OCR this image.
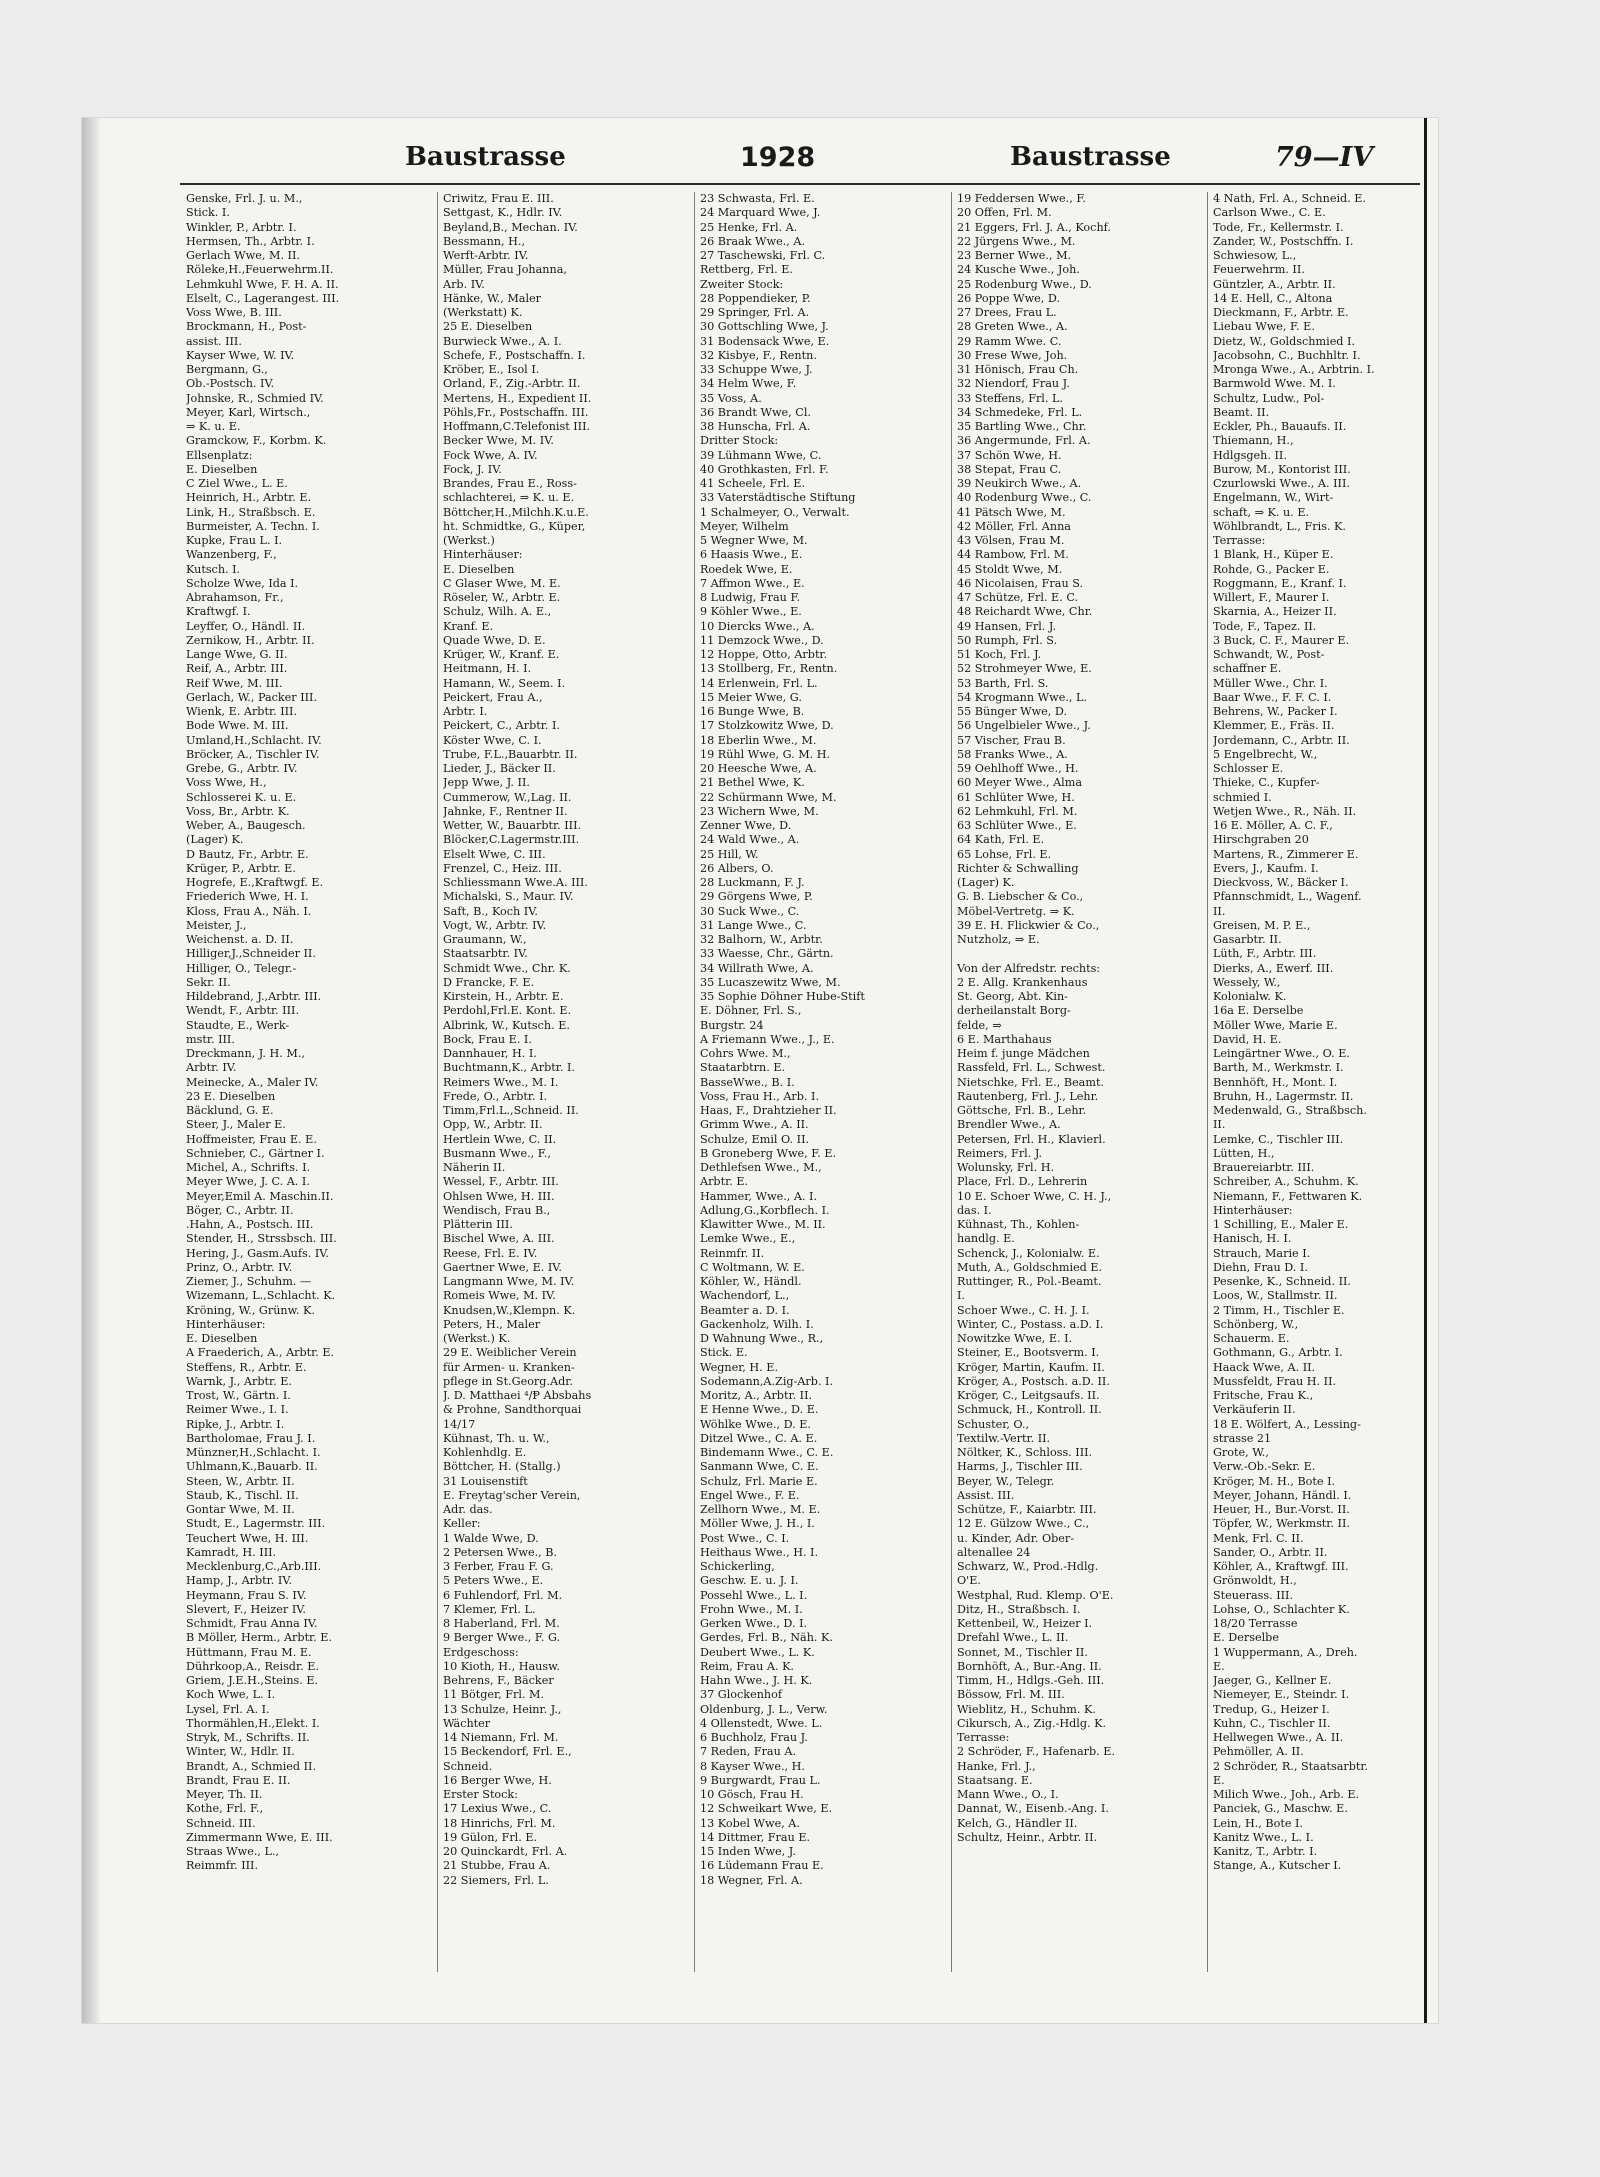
Baustrasse	1928	Baustrasse	79—IV
Genske, Frl. J. u. M.,
Stick. I.
Winkler, P., Arbtr. I.
Hermsen, Th., Arbtr. I.
Gerlach Wwe, M. II.
Röleke,H.,Feuerwehrm.II.
Lehmkuhl Wwe, F. H. A. II.
Elselt, C., Lagerangest. III.
Voss Wwe, B. III.
Brockmann, H., Post-
assist. III.
Kayser Wwe, W. IV.
Bergmann, G.,
Ob.-Postsch. IV.
Johnske, R., Schmied IV.
Meyer, Karl, Wirtsch.,
⇒ K. u. E.
Gramckow, F., Korbm. K.
Ellsenplatz:
E. Dieselben
C Ziel Wwe., L. E.
Heinrich, H., Arbtr. E.
Link, H., Straßbsch. E.
Burmeister, A. Techn. I.
Kupke, Frau L. I.
Wanzenberg, F.,
Kutsch. I.
Scholze Wwe, Ida I.
Abrahamson, Fr.,
Kraftwgf. I.
Leyffer, O., Händl. II.
Zernikow, H., Arbtr. II.
Lange Wwe, G. II.
Reif, A., Arbtr. III.
Reif Wwe, M. III.
Gerlach, W., Packer III.
Wienk, E. Arbtr. III.
Bode Wwe. M. III.
Umland,H.,Schlacht. IV.
Bröcker, A., Tischler IV.
Grebe, G., Arbtr. IV.
Voss Wwe, H.,
Schlosserei K. u. E.
Voss, Br., Arbtr. K.
Weber, A., Baugesch.
(Lager) K.
D Bautz, Fr., Arbtr. E.
Krüger, P., Arbtr. E.
Hogrefe, E.,Kraftwgf. E.
Friederich Wwe, H. I.
Kloss, Frau A., Näh. I.
Meister, J.,
Weichenst. a. D. II.
Hilliger,J.,Schneider II.
Hilliger, O., Telegr.-
Sekr. II.
Hildebrand, J.,Arbtr. III.
Wendt, F., Arbtr. III.
Staudte, E., Werk-
mstr. III.
Dreckmann, J. H. M.,
Arbtr. IV.
Meinecke, A., Maler IV.
23 E. Dieselben
Bäcklund, G. E.
Steer, J., Maler E.
Hoffmeister, Frau E. E.
Schnieber, C., Gärtner I.
Michel, A., Schrifts. I.
Meyer Wwe, J. C. A. I.
Meyer,Emil A. Maschin.II.
Böger, C., Arbtr. II.
.Hahn, A., Postsch. III.
Stender, H., Strssbsch. III.
Hering, J., Gasm.Aufs. IV.
Prinz, O., Arbtr. IV.
Ziemer, J., Schuhm. —
Wizemann, L.,Schlacht. K.
Kröning, W., Grünw. K.
Hinterhäuser:
E. Dieselben
A Fraederich, A., Arbtr. E.
Steffens, R., Arbtr. E.
Warnk, J., Arbtr. E.
Trost, W., Gärtn. I.
Reimer Wwe., I. I.
Ripke, J., Arbtr. I.
Bartholomae, Frau J. I.
Münzner,H.,Schlacht. I.
Uhlmann,K.,Bauarb. II.
Steen, W., Arbtr. II.
Staub, K., Tischl. II.
Gontar Wwe, M. II.
Studt, E., Lagermstr. III.
Teuchert Wwe, H. III.
Kamradt, H. III.
Mecklenburg,C.,Arb.III.
Hamp, J., Arbtr. IV.
Heymann, Frau S. IV.
Slevert, F., Heizer IV.
Schmidt, Frau Anna IV.
B Möller, Herm., Arbtr. E.
Hüttmann, Frau M. E.
Dührkoop,A., Reisdr. E.
Griem, J.E.H.,Steins. E.
Koch Wwe, L. I.
Lysel, Frl. A. I.
Thormählen,H.,Elekt. I.
Stryk, M., Schrifts. II.
Winter, W., Hdlr. II.
Brandt, A., Schmied II.
Brandt, Frau E. II.
Meyer, Th. II.
Kothe, Frl. F.,
Schneid. III.
Zimmermann Wwe, E. III.
Straas Wwe., L.,
Reimmfr. III.
Criwitz, Frau E. III.
Settgast, K., Hdlr. IV.
Beyland,B., Mechan. IV.
Bessmann, H.,
Werft-Arbtr. IV.
Müller, Frau Johanna,
Arb. IV.
Hänke, W., Maler
(Werkstatt) K.
25 E. Dieselben
Burwieck Wwe., A. I.
Schefe, F., Postschaffn. I.
Kröber, E., Isol I.
Orland, F., Zig.-Arbtr. II.
Mertens, H., Expedient II.
Pöhls,Fr., Postschaffn. III.
Hoffmann,C.Telefonist III.
Becker Wwe, M. IV.
Fock Wwe, A. IV.
Fock, J. IV.
Brandes, Frau E., Ross-
schlachterei, ⇒ K. u. E.
Böttcher,H.,Milchh.K.u.E.
ht. Schmidtke, G., Küper,
(Werkst.)
Hinterhäuser:
E. Dieselben
C Glaser Wwe, M. E.
Röseler, W., Arbtr. E.
Schulz, Wilh. A. E.,
Kranf. E.
Quade Wwe, D. E.
Krüger, W., Kranf. E.
Heitmann, H. I.
Hamann, W., Seem. I.
Peickert, Frau A.,
Arbtr. I.
Peickert, C., Arbtr. I.
Köster Wwe, C. I.
Trube, F.L.,Bauarbtr. II.
Lieder, J., Bäcker II.
Jepp Wwe, J. II.
Cummerow, W.,Lag. II.
Jahnke, F., Rentner II.
Wetter, W., Bauarbtr. III.
Blöcker,C.Lagermstr.III.
Elselt Wwe, C. III.
Frenzel, C., Heiz. III.
Schliessmann Wwe.A. III.
Michalski, S., Maur. IV.
Saft, B., Koch IV.
Vogt, W., Arbtr. IV.
Graumann, W.,
Staatsarbtr. IV.
Schmidt Wwe., Chr. K.
D Francke, F. E.
Kirstein, H., Arbtr. E.
Perdohl,Frl.E. Kont. E.
Albrink, W., Kutsch. E.
Bock, Frau E. I.
Dannhauer, H. I.
Buchtmann,K., Arbtr. I.
Reimers Wwe., M. I.
Frede, O., Arbtr. I.
Timm,Frl.L.,Schneid. II.
Opp, W., Arbtr. II.
Hertlein Wwe, C. II.
Busmann Wwe., F.,
Näherin II.
Wessel, F., Arbtr. III.
Ohlsen Wwe, H. III.
Wendisch, Frau B.,
Plätterin III.
Bischel Wwe, A. III.
Reese, Frl. E. IV.
Gaertner Wwe, E. IV.
Langmann Wwe, M. IV.
Romeis Wwe, M. IV.
Knudsen,W.,Klempn. K.
Peters, H., Maler
(Werkst.) K.
29 E. Weiblicher Verein
für Armen- u. Kranken-
pflege in St.Georg.Adr.
J. D. Matthaei ⁴/Ᵽ Absbahs
& Prohne, Sandthorquai
14/17
Kühnast, Th. u. W.,
Kohlenhdlg. E.
Böttcher, H. (Stallg.)
31 Louisenstift
E. Freytag'scher Verein,
Adr. das.
Keller:
1 Walde Wwe, D.
2 Petersen Wwe., B.
3 Ferber, Frau F. G.
5 Peters Wwe., E.
6 Fuhlendorf, Frl. M.
7 Klemer, Frl. L.
8 Haberland, Frl. M.
9 Berger Wwe., F. G.
Erdgeschoss:
10 Kioth, H., Hausw.
Behrens, F., Bäcker
11 Bötger, Frl. M.
13 Schulze, Heinr. J.,
Wächter
14 Niemann, Frl. M.
15 Beckendorf, Frl. E.,
Schneid.
16 Berger Wwe, H.
Erster Stock:
17 Lexius Wwe., C.
18 Hinrichs, Frl. M.
19 Gülon, Frl. E.
20 Quinckardt, Frl. A.
21 Stubbe, Frau A.
22 Siemers, Frl. L.
23 Schwasta, Frl. E.
24 Marquard Wwe, J.
25 Henke, Frl. A.
26 Braak Wwe., A.
27 Taschewski, Frl. C.
Rettberg, Frl. E.
Zweiter Stock:
28 Poppendieker, P.
29 Springer, Frl. A.
30 Gottschling Wwe, J.
31 Bodensack Wwe, E.
32 Kisbye, F., Rentn.
33 Schuppe Wwe, J.
34 Helm Wwe, F.
35 Voss, A.
36 Brandt Wwe, Cl.
38 Hunscha, Frl. A.
Dritter Stock:
39 Lühmann Wwe, C.
40 Grothkasten, Frl. F.
41 Scheele, Frl. E.
33 Vaterstädtische Stiftung
1 Schalmeyer, O., Verwalt.
Meyer, Wilhelm
5 Wegner Wwe, M.
6 Haasis Wwe., E.
Roedek Wwe, E.
7 Affmon Wwe., E.
8 Ludwig, Frau F.
9 Köhler Wwe., E.
10 Diercks Wwe., A.
11 Demzock Wwe., D.
12 Hoppe, Otto, Arbtr.
13 Stollberg, Fr., Rentn.
14 Erlenwein, Frl. L.
15 Meier Wwe, G.
16 Bunge Wwe, B.
17 Stolzkowitz Wwe, D.
18 Eberlin Wwe., M.
19 Rühl Wwe, G. M. H.
20 Heesche Wwe, A.
21 Bethel Wwe, K.
22 Schürmann Wwe, M.
23 Wichern Wwe, M.
Zenner Wwe, D.
24 Wald Wwe., A.
25 Hill, W.
26 Albers, O.
28 Luckmann, F. J.
29 Görgens Wwe, P.
30 Suck Wwe., C.
31 Lange Wwe., C.
32 Balhorn, W., Arbtr.
33 Waesse, Chr., Gärtn.
34 Willrath Wwe, A.
35 Lucaszewitz Wwe, M.
35 Sophie Döhner Hube-Stift
E. Döhner, Frl. S.,
Burgstr. 24
A Friemann Wwe., J., E.
Cohrs Wwe. M.,
Staatarbtrn. E.
BasseWwe., B. I.
Voss, Frau H., Arb. I.
Haas, F., Drahtzieher II.
Grimm Wwe., A. II.
Schulze, Emil O. II.
B Groneberg Wwe, F. E.
Dethlefsen Wwe., M.,
Arbtr. E.
Hammer, Wwe., A. I.
Adlung,G.,Korbflech. I.
Klawitter Wwe., M. II.
Lemke Wwe., E.,
Reinmfr. II.
C Woltmann, W. E.
Köhler, W., Händl.
Wachendorf, L.,
Beamter a. D. I.
Gackenholz, Wilh. I.
D Wahnung Wwe., R.,
Stick. E.
Wegner, H. E.
Sodemann,A.Zig-Arb. I.
Moritz, A., Arbtr. II.
E Henne Wwe., D. E.
Wöhlke Wwe., D. E.
Ditzel Wwe., C. A. E.
Bindemann Wwe., C. E.
Sanmann Wwe, C. E.
Schulz, Frl. Marie E.
Engel Wwe., F. E.
Zellhorn Wwe., M. E.
Möller Wwe, J. H., I.
Post Wwe., C. I.
Heithaus Wwe., H. I.
Schickerling,
Geschw. E. u. J. I.
Possehl Wwe., L. I.
Frohn Wwe., M. I.
Gerken Wwe., D. I.
Gerdes, Frl. B., Näh. K.
Deubert Wwe., L. K.
Reim, Frau A. K.
Hahn Wwe., J. H. K.
37 Glockenhof
Oldenburg, J. L., Verw.
4 Ollenstedt, Wwe. L.
6 Buchholz, Frau J.
7 Reden, Frau A.
8 Kayser Wwe., H.
9 Burgwardt, Frau L.
10 Gösch, Frau H.
12 Schweikart Wwe, E.
13 Kobel Wwe, A.
14 Dittmer, Frau E.
15 Inden Wwe, J.
16 Lüdemann Frau E.
18 Wegner, Frl. A.
19 Feddersen Wwe., F.
20 Offen, Frl. M.
21 Eggers, Frl. J. A., Kochf.
22 Jürgens Wwe., M.
23 Berner Wwe., M.
24 Kusche Wwe., Joh.
25 Rodenburg Wwe., D.
26 Poppe Wwe, D.
27 Drees, Frau L.
28 Greten Wwe., A.
29 Ramm Wwe. C.
30 Frese Wwe, Joh.
31 Hönisch, Frau Ch.
32 Niendorf, Frau J.
33 Steffens, Frl. L.
34 Schmedeke, Frl. L.
35 Bartling Wwe., Chr.
36 Angermunde, Frl. A.
37 Schön Wwe, H.
38 Stepat, Frau C.
39 Neukirch Wwe., A.
40 Rodenburg Wwe., C.
41 Pätsch Wwe, M.
42 Möller, Frl. Anna
43 Völsen, Frau M.
44 Rambow, Frl. M.
45 Stoldt Wwe, M.
46 Nicolaisen, Frau S.
47 Schütze, Frl. E. C.
48 Reichardt Wwe, Chr.
49 Hansen, Frl. J.
50 Rumph, Frl. S.
51 Koch, Frl. J.
52 Strohmeyer Wwe, E.
53 Barth, Frl. S.
54 Krogmann Wwe., L.
55 Bünger Wwe, D.
56 Ungelbieler Wwe., J.
57 Vischer, Frau B.
58 Franks Wwe., A.
59 Oehlhoff Wwe., H.
60 Meyer Wwe., Alma
61 Schlüter Wwe, H.
62 Lehmkuhl, Frl. M.
63 Schlüter Wwe., E.
64 Kath, Frl. E.
65 Lohse, Frl. E.
Richter & Schwalling
(Lager) K.
G. B. Liebscher & Co.,
Möbel-Vertretg. ⇒ K.
39 E. H. Flickwier & Co.,
Nutzholz, ⇒ E.

Von der Alfredstr. rechts:
2 E. Allg. Krankenhaus
St. Georg, Abt. Kin-
derheilanstalt Borg-
felde, ⇒
6 E. Marthahaus
Heim f. junge Mädchen
Rassfeld, Frl. L., Schwest.
Nietschke, Frl. E., Beamt.
Rautenberg, Frl. J., Lehr.
Göttsche, Frl. B., Lehr.
Brendler Wwe., A.
Petersen, Frl. H., Klavierl.
Reimers, Frl. J.
Wolunsky, Frl. H.
Place, Frl. D., Lehrerin
10 E. Schoer Wwe, C. H. J.,
das. I.
Kühnast, Th., Kohlen-
handlg. E.
Schenck, J., Kolonialw. E.
Muth, A., Goldschmied E.
Ruttinger, R., Pol.-Beamt.
I.
Schoer Wwe., C. H. J. I.
Winter, C., Postass. a.D. I.
Nowitzke Wwe, E. I.
Steiner, E., Bootsverm. I.
Kröger, Martin, Kaufm. II.
Kröger, A., Postsch. a.D. II.
Kröger, C., Leitgsaufs. II.
Schmuck, H., Kontroll. II.
Schuster, O.,
Textilw.-Vertr. II.
Nöltker, K., Schloss. III.
Harms, J., Tischler III.
Beyer, W., Telegr.
Assist. III.
Schütze, F., Kaiarbtr. III.
12 E. Gülzow Wwe., C.,
u. Kinder, Adr. Ober-
altenallee 24
Schwarz, W., Prod.-Hdlg.
O'E.
Westphal, Rud. Klemp. O'E.
Ditz, H., Straßbsch. I.
Kettenbeil, W., Heizer I.
Drefahl Wwe., L. II.
Sonnet, M., Tischler II.
Bornhöft, A., Bur.-Ang. II.
Timm, H., Hdlgs.-Geh. III.
Bössow, Frl. M. III.
Wieblitz, H., Schuhm. K.
Cikursch, A., Zig.-Hdlg. K.
Terrasse:
2 Schröder, F., Hafenarb. E.
Hanke, Frl. J.,
Staatsang. E.
Mann Wwe., O., I.
Dannat, W., Eisenb.-Ang. I.
Kelch, G., Händler II.
Schultz, Heinr., Arbtr. II.
4 Nath, Frl. A., Schneid. E.
Carlson Wwe., C. E.
Tode, Fr., Kellermstr. I.
Zander, W., Postschffn. I.
Schwiesow, L.,
Feuerwehrm. II.
Güntzler, A., Arbtr. II.
14 E. Hell, C., Altona
Dieckmann, F., Arbtr. E.
Liebau Wwe, F. E.
Dietz, W., Goldschmied I.
Jacobsohn, C., Buchhltr. I.
Mronga Wwe., A., Arbtrin. I.
Barmwold Wwe. M. I.
Schultz, Ludw., Pol-
Beamt. II.
Eckler, Ph., Bauaufs. II.
Thiemann, H.,
Hdlgsgeh. II.
Burow, M., Kontorist III.
Czurlowski Wwe., A. III.
Engelmann, W., Wirt-
schaft, ⇒ K. u. E.
Wöhlbrandt, L., Fris. K.
Terrasse:
1 Blank, H., Küper E.
Rohde, G., Packer E.
Roggmann, E., Kranf. I.
Willert, F., Maurer I.
Skarnia, A., Heizer II.
Tode, F., Tapez. II.
3 Buck, C. F., Maurer E.
Schwandt, W., Post-
schaffner E.
Müller Wwe., Chr. I.
Baar Wwe., F. F. C. I.
Behrens, W., Packer I.
Klemmer, E., Fräs. II.
Jordemann, C., Arbtr. II.
5 Engelbrecht, W.,
Schlosser E.
Thieke, C., Kupfer-
schmied I.
Wetjen Wwe., R., Näh. II.
16 E. Möller, A. C. F.,
Hirschgraben 20
Martens, R., Zimmerer E.
Evers, J., Kaufm. I.
Dieckvoss, W., Bäcker I.
Pfannschmidt, L., Wagenf.
II.
Greisen, M. P. E.,
Gasarbtr. II.
Lüth, F., Arbtr. III.
Dierks, A., Ewerf. III.
Wessely, W.,
Kolonialw. K.
16a E. Derselbe
Möller Wwe, Marie E.
David, H. E.
Leingärtner Wwe., O. E.
Barth, M., Werkmstr. I.
Bennhöft, H., Mont. I.
Bruhn, H., Lagermstr. II.
Medenwald, G., Straßbsch.
II.
Lemke, C., Tischler III.
Lütten, H.,
Brauereiarbtr. III.
Schreiber, A., Schuhm. K.
Niemann, F., Fettwaren K.
Hinterhäuser:
1 Schilling, E., Maler E.
Hanisch, H. I.
Strauch, Marie I.
Diehn, Frau D. I.
Pesenke, K., Schneid. II.
Loos, W., Stallmstr. II.
2 Timm, H., Tischler E.
Schönberg, W.,
Schauerm. E.
Gothmann, G., Arbtr. I.
Haack Wwe, A. II.
Mussfeldt, Frau H. II.
Fritsche, Frau K.,
Verkäuferin II.
18 E. Wölfert, A., Lessing-
strasse 21
Grote, W.,
Verw.-Ob.-Sekr. E.
Kröger, M. H., Bote I.
Meyer, Johann, Händl. I.
Heuer, H., Bur.-Vorst. II.
Töpfer, W., Werkmstr. II.
Menk, Frl. C. II.
Sander, O., Arbtr. II.
Köhler, A., Kraftwgf. III.
Grönwoldt, H.,
Steuerass. III.
Lohse, O., Schlachter K.
18/20 Terrasse
E. Derselbe
1 Wuppermann, A., Dreh.
E.
Jaeger, G., Kellner E.
Niemeyer, E., Steindr. I.
Tredup, G., Heizer I.
Kuhn, C., Tischler II.
Hellwegen Wwe., A. II.
Pehmöller, A. II.
2 Schröder, R., Staatsarbtr.
E.
Milich Wwe., Joh., Arb. E.
Panciek, G., Maschw. E.
Lein, H., Bote I.
Kanitz Wwe., L. I.
Kanitz, T., Arbtr. I.
Stange, A., Kutscher I.
